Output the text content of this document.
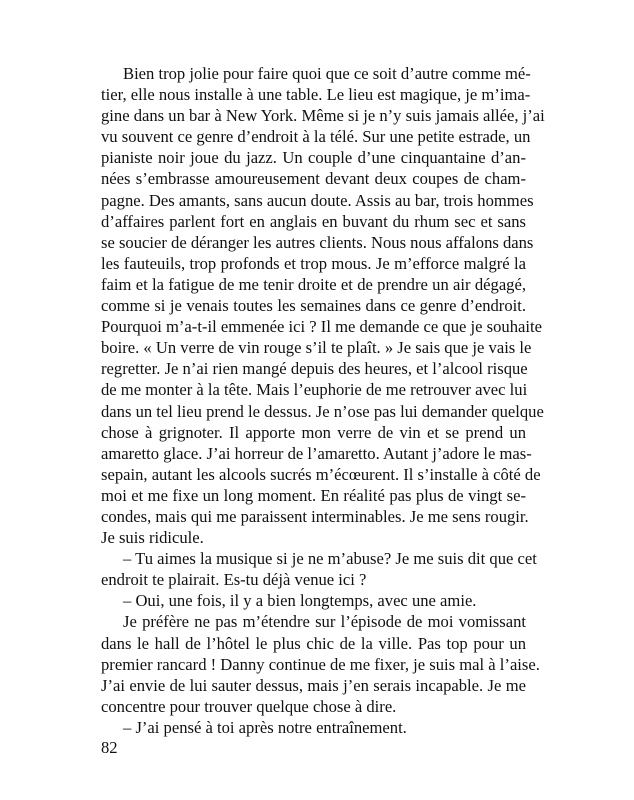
Bien trop jolie pour faire quoi que ce soit d’autre comme mé-
tier, elle nous installe à une table. Le lieu est magique, je m’ima-
gine dans un bar à New York. Même si je n’y suis jamais allée, j’ai
vu souvent ce genre d’endroit à la télé. Sur une petite estrade, un
pianiste noir joue du jazz. Un couple d’une cinquantaine d’an-
nées s’embrasse amoureusement devant deux coupes de cham-
pagne. Des amants, sans aucun doute. Assis au bar, trois hommes
d’affaires parlent fort en anglais en buvant du rhum sec et sans
se soucier de déranger les autres clients. Nous nous affalons dans
les fauteuils, trop profonds et trop mous. Je m’efforce malgré la
faim et la fatigue de me tenir droite et de prendre un air dégagé,
comme si je venais toutes les semaines dans ce genre d’endroit.
Pourquoi m’a-t-il emmenée ici ? Il me demande ce que je souhaite
boire. « Un verre de vin rouge s’il te plaît. » Je sais que je vais le
regretter. Je n’ai rien mangé depuis des heures, et l’alcool risque
de me monter à la tête. Mais l’euphorie de me retrouver avec lui
dans un tel lieu prend le dessus. Je n’ose pas lui demander quelque
chose à grignoter. Il apporte mon verre de vin et se prend un
amaretto glace. J’ai horreur de l’amaretto. Autant j’adore le mas-
sepain, autant les alcools sucrés m’écœurent. Il s’installe à côté de
moi et me fixe un long moment. En réalité pas plus de vingt se-
condes, mais qui me paraissent interminables. Je me sens rougir.
Je suis ridicule.
– Tu aimes la musique si je ne m’abuse? Je me suis dit que cet
endroit te plairait. Es-tu déjà venue ici ?
– Oui, une fois, il y a bien longtemps, avec une amie.
Je préfère ne pas m’étendre sur l’épisode de moi vomissant
dans le hall de l’hôtel le plus chic de la ville. Pas top pour un
premier rancard ! Danny continue de me fixer, je suis mal à l’aise.
J’ai envie de lui sauter dessus, mais j’en serais incapable. Je me
concentre pour trouver quelque chose à dire.
– J’ai pensé à toi après notre entraînement.
82
